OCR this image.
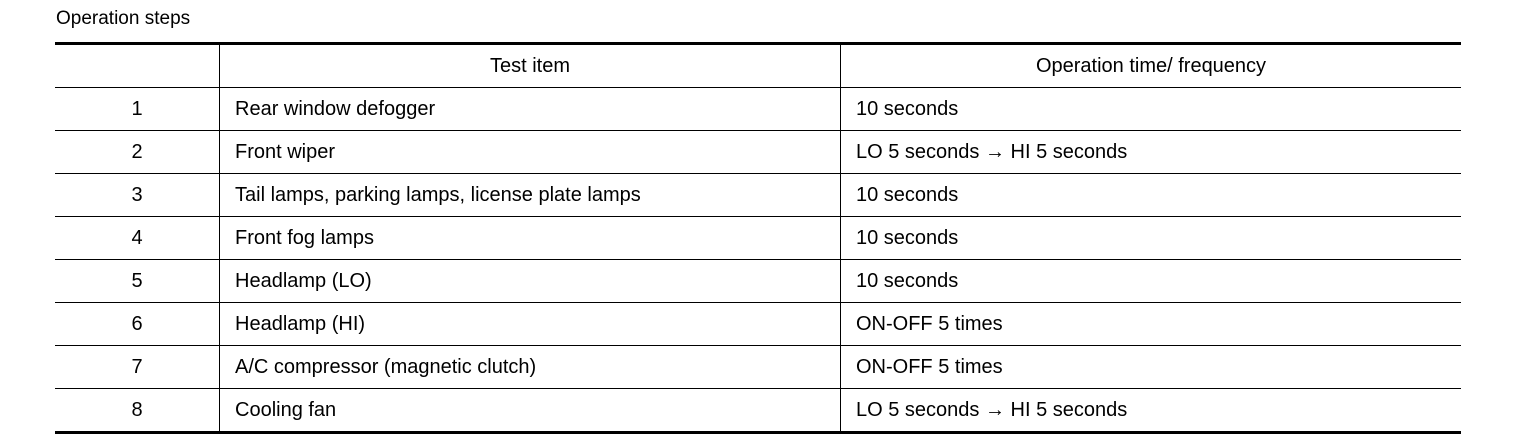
Operation steps
	Test item	Operation time/ frequency
1	Rear window defogger	10 seconds
2	Front wiper	LO 5 seconds → HI 5 seconds
3	Tail lamps, parking lamps, license plate lamps	10 seconds
4	Front fog lamps	10 seconds
5	Headlamp (LO)	10 seconds
6	Headlamp (HI)	ON-OFF 5 times
7	A/C compressor (magnetic clutch)	ON-OFF 5 times
8	Cooling fan	LO 5 seconds → HI 5 seconds
